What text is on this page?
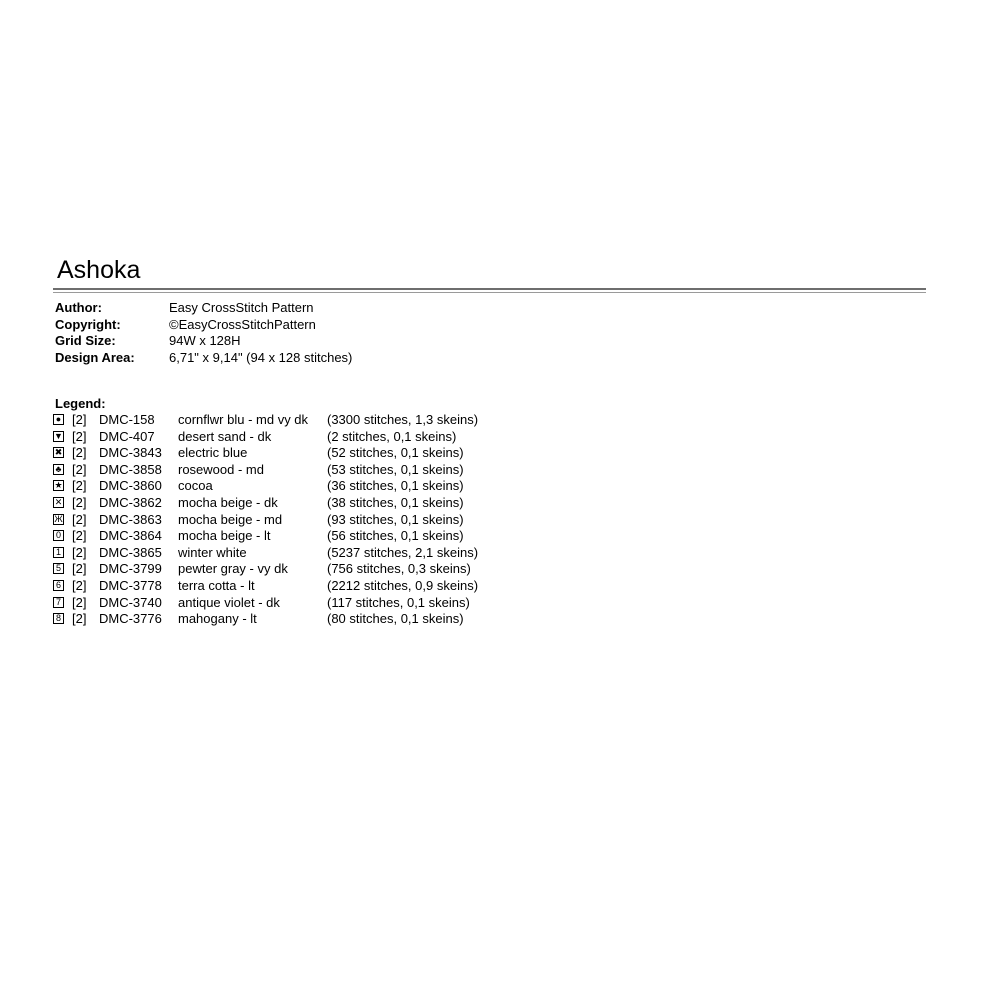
Ashoka
Author:	Easy CrossStitch Pattern
Copyright:	©EasyCrossStitchPattern
Grid Size:	94W x 128H
Design Area:	6,71" x 9,14" (94 x 128 stitches)
Legend:
● [2] DMC-158 cornflwr blu - md vy dk (3300 stitches, 1,3 skeins)
▼ [2] DMC-407 desert sand - dk	(2 stitches, 0,1 skeins)
✖ [2] DMC-3843 electric blue	(52 stitches, 0,1 skeins)
♣ [2] DMC-3858 rosewood - md	(53 stitches, 0,1 skeins)
★ [2] DMC-3860 cocoa	(36 stitches, 0,1 skeins)
✕ [2] DMC-3862 mocha beige - dk	(38 stitches, 0,1 skeins)
Ж [2] DMC-3863 mocha beige - md	(93 stitches, 0,1 skeins)
0 [2] DMC-3864 mocha beige - lt	(56 stitches, 0,1 skeins)
1 [2] DMC-3865 winter white	(5237 stitches, 2,1 skeins)
5 [2] DMC-3799 pewter gray - vy dk	(756 stitches, 0,3 skeins)
6 [2] DMC-3778 terra cotta - lt	(2212 stitches, 0,9 skeins)
7 [2] DMC-3740 antique violet - dk	(117 stitches, 0,1 skeins)
8 [2] DMC-3776 mahogany - lt	(80 stitches, 0,1 skeins)
